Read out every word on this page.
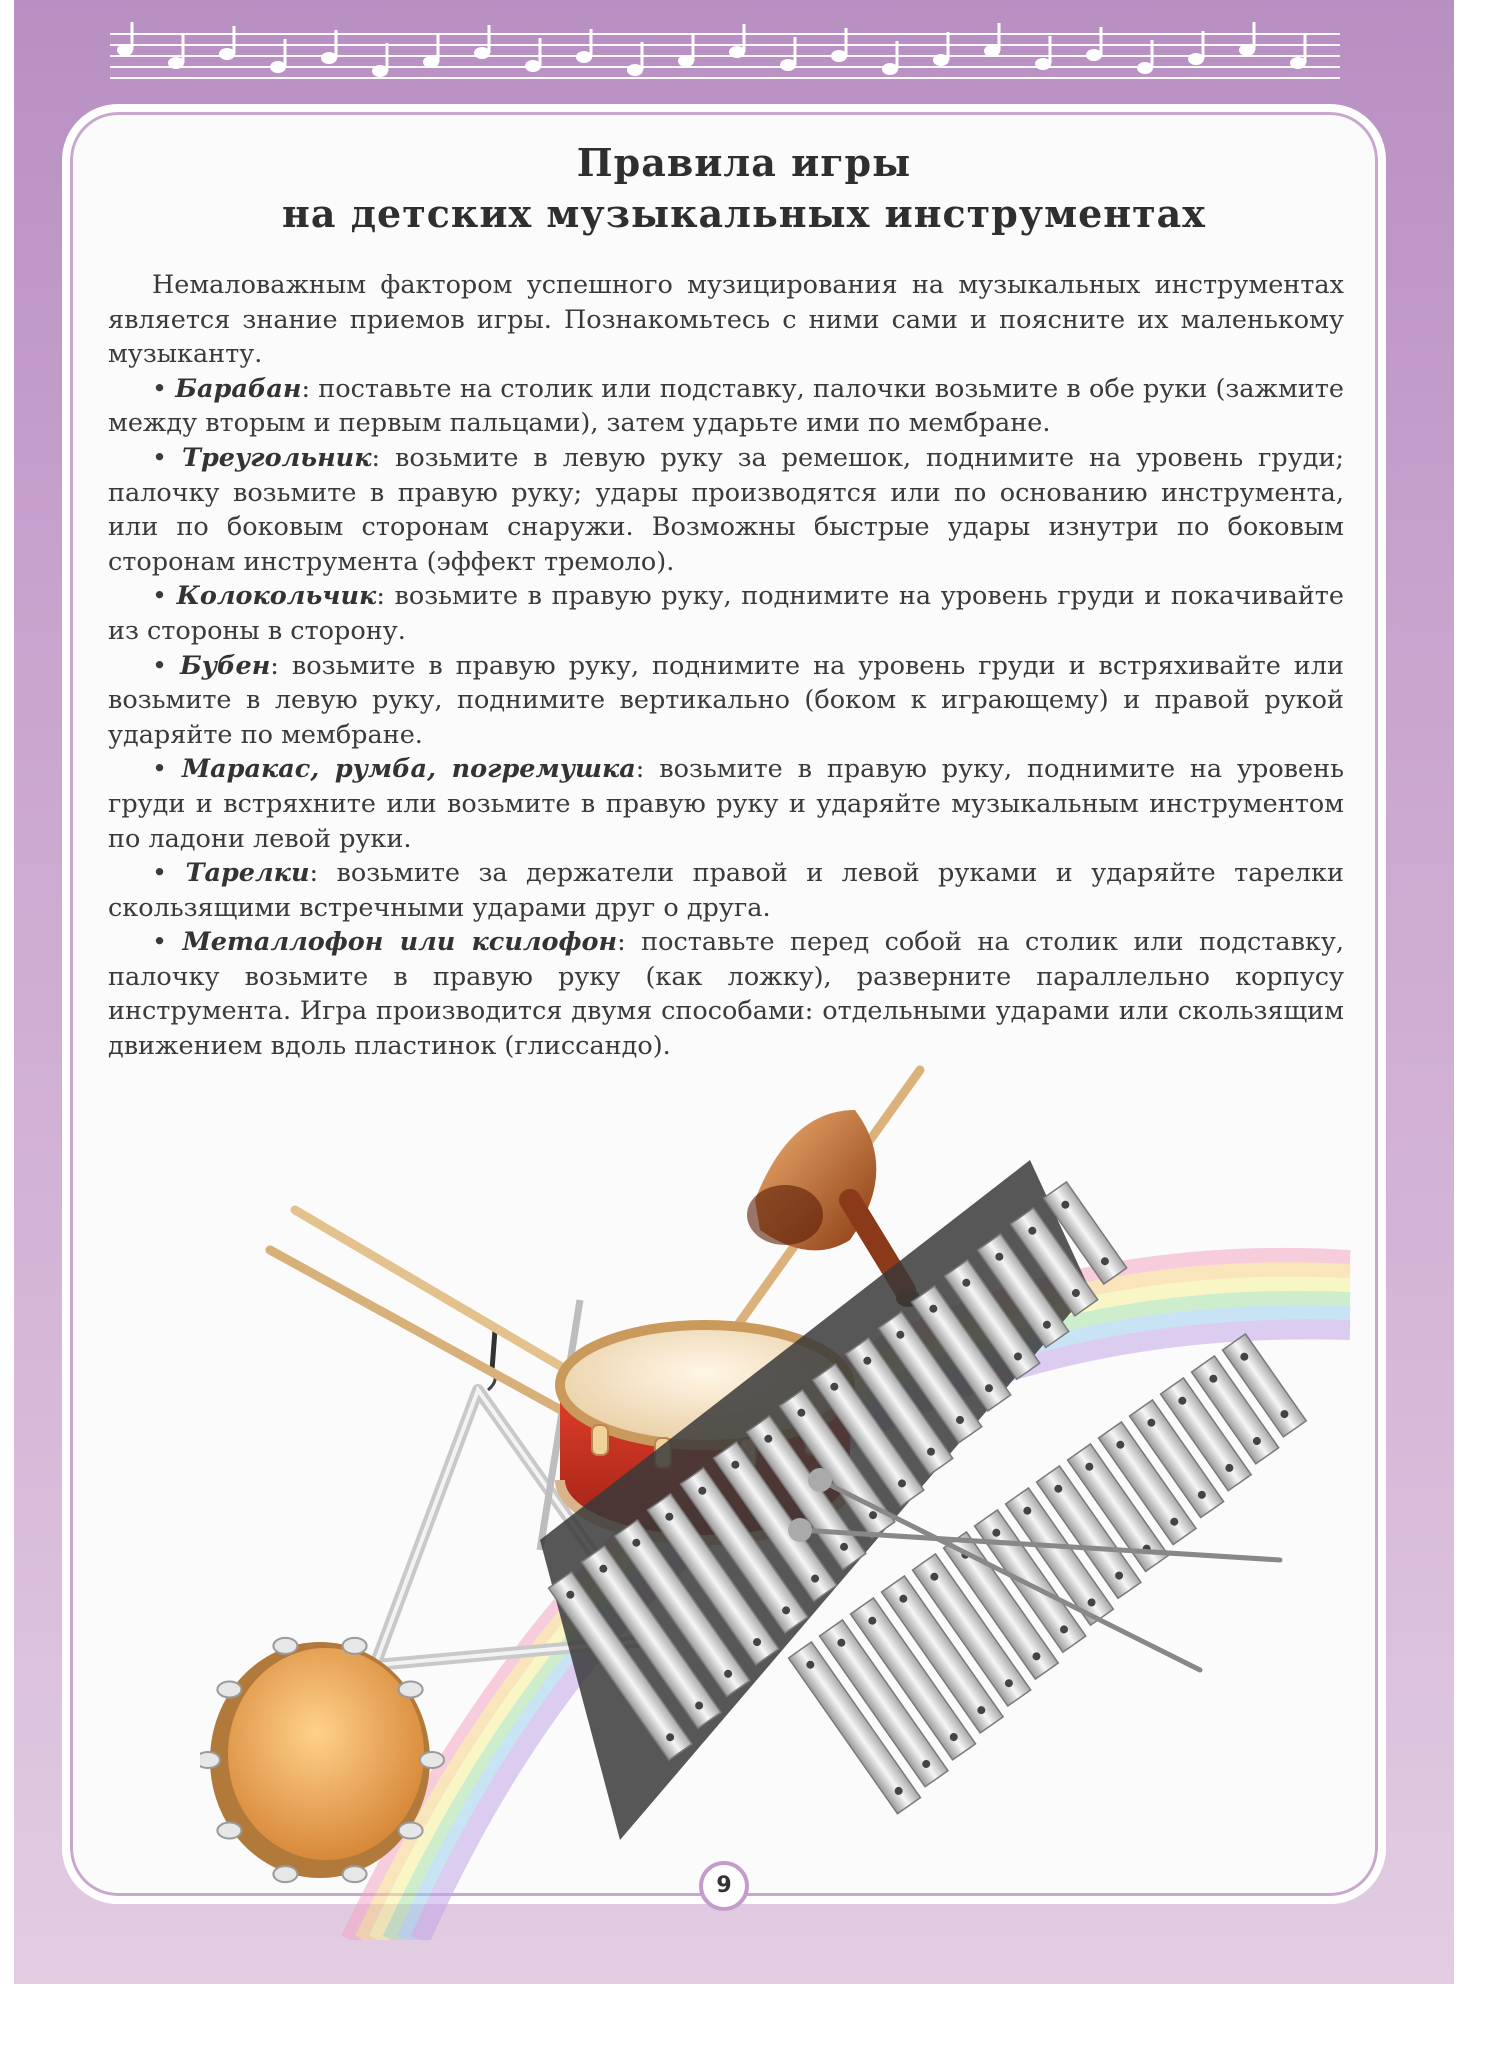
Правила игры
на детских музыкальных инструментах

Немаловажным фактором успешного музицирования на музыкальных инструментах является знание приемов игры. Познакомьтесь с ними сами и поясните их маленькому музыканту.

• Барабан: поставьте на столик или подставку, палочки возьмите в обе руки (зажмите между вторым и первым пальцами), затем ударьте ими по мембране.

• Треугольник: возьмите в левую руку за ремешок, поднимите на уровень груди; палочку возьмите в правую руку; удары производятся или по основанию инструмента, или по боковым сторонам снаружи. Возможны быстрые удары изнутри по боковым сторонам инструмента (эффект тремоло).

• Колокольчик: возьмите в правую руку, поднимите на уровень груди и покачивайте из стороны в сторону.

• Бубен: возьмите в правую руку, поднимите на уровень груди и встряхивайте или возьмите в левую руку, поднимите вертикально (боком к играющему) и правой рукой ударяйте по мембране.

• Маракас, румба, погремушка: возьмите в правую руку, поднимите на уровень груди и встряхните или возьмите в правую руку и ударяйте музыкальным инструментом по ладони левой руки.

• Тарелки: возьмите за держатели правой и левой руками и ударяйте тарелки скользящими встречными ударами друг о друга.

• Металлофон или ксилофон: поставьте перед собой на столик или подставку, палочку возьмите в правую руку (как ложку), разверните параллельно корпусу инструмента. Игра производится двумя способами: отдельными ударами или скользящим движением вдоль пластинок (глиссандо).

9
